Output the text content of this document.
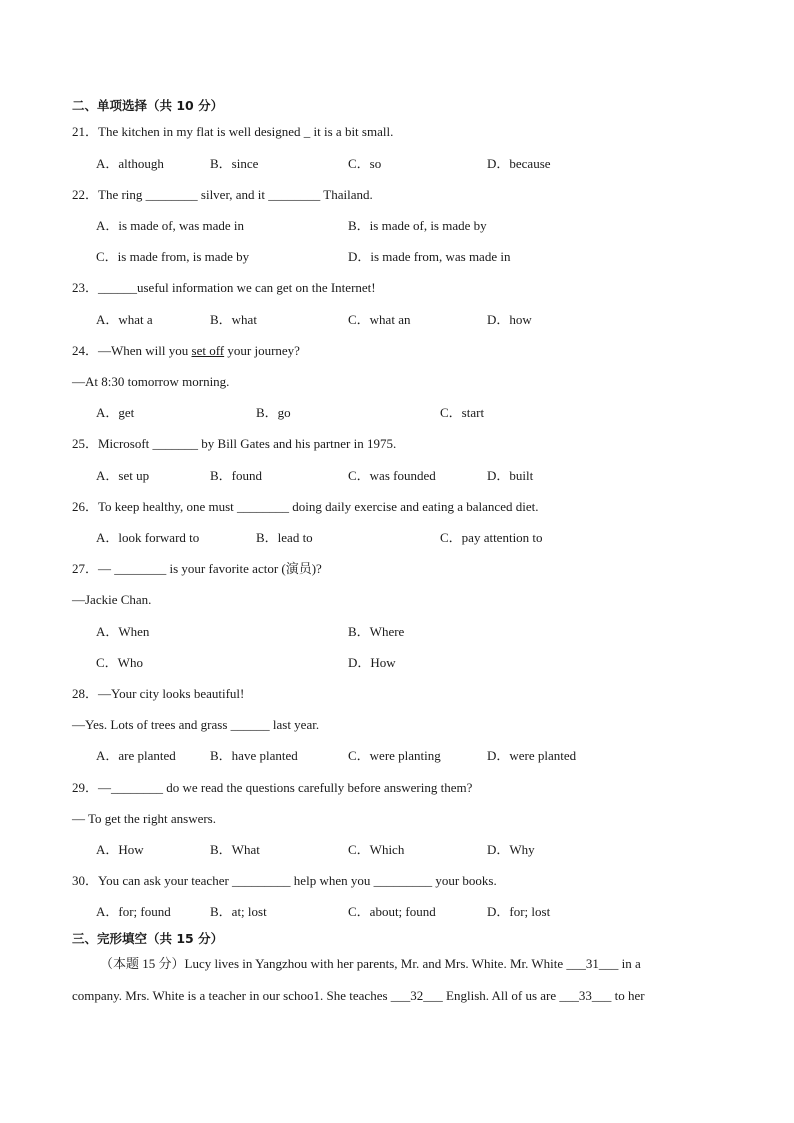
二、单项选择（共 10 分）
21．The kitchen in my flat is well designed _ it is a bit small.
A．although	B．since	C．so	D．because
22．The ring ________ silver, and it ________ Thailand.
A．is made of, was made in	B．is made of, is made by
C．is made from, is made by	D．is made from, was made in
23．______useful information we can get on the Internet!
A．what a	B．what	C．what an	D．how
24．—When will you set off your journey?
—At 8:30 tomorrow morning.
A．get	B．go	C．start
25．Microsoft _______ by Bill Gates and his partner in 1975.
A．set up	B．found	C．was founded	D．built
26．To keep healthy, one must ________ doing daily exercise and eating a balanced diet.
A．look forward to	B．lead to	C．pay attention to
27．— ________ is your favorite actor (演员)?
—Jackie Chan.
A．When	B．Where
C．Who	D．How
28．—Your city looks beautiful!
—Yes. Lots of trees and grass ______ last year.
A．are planted	B．have planted	C．were planting	D．were planted
29．—________ do we read the questions carefully before answering them?
— To get the right answers.
A．How	B．What	C．Which	D．Why
30．You can ask your teacher _________ help when you _________ your books.
A．for; found	B．at; lost	C．about; found	D．for; lost
三、完形填空（共 15 分）
（本题 15 分）Lucy lives in Yangzhou with her parents, Mr. and Mrs. White. Mr. White ___31___ in a
company. Mrs. White is a teacher in our schoo1. She teaches ___32___ English. All of us are ___33___ to her
